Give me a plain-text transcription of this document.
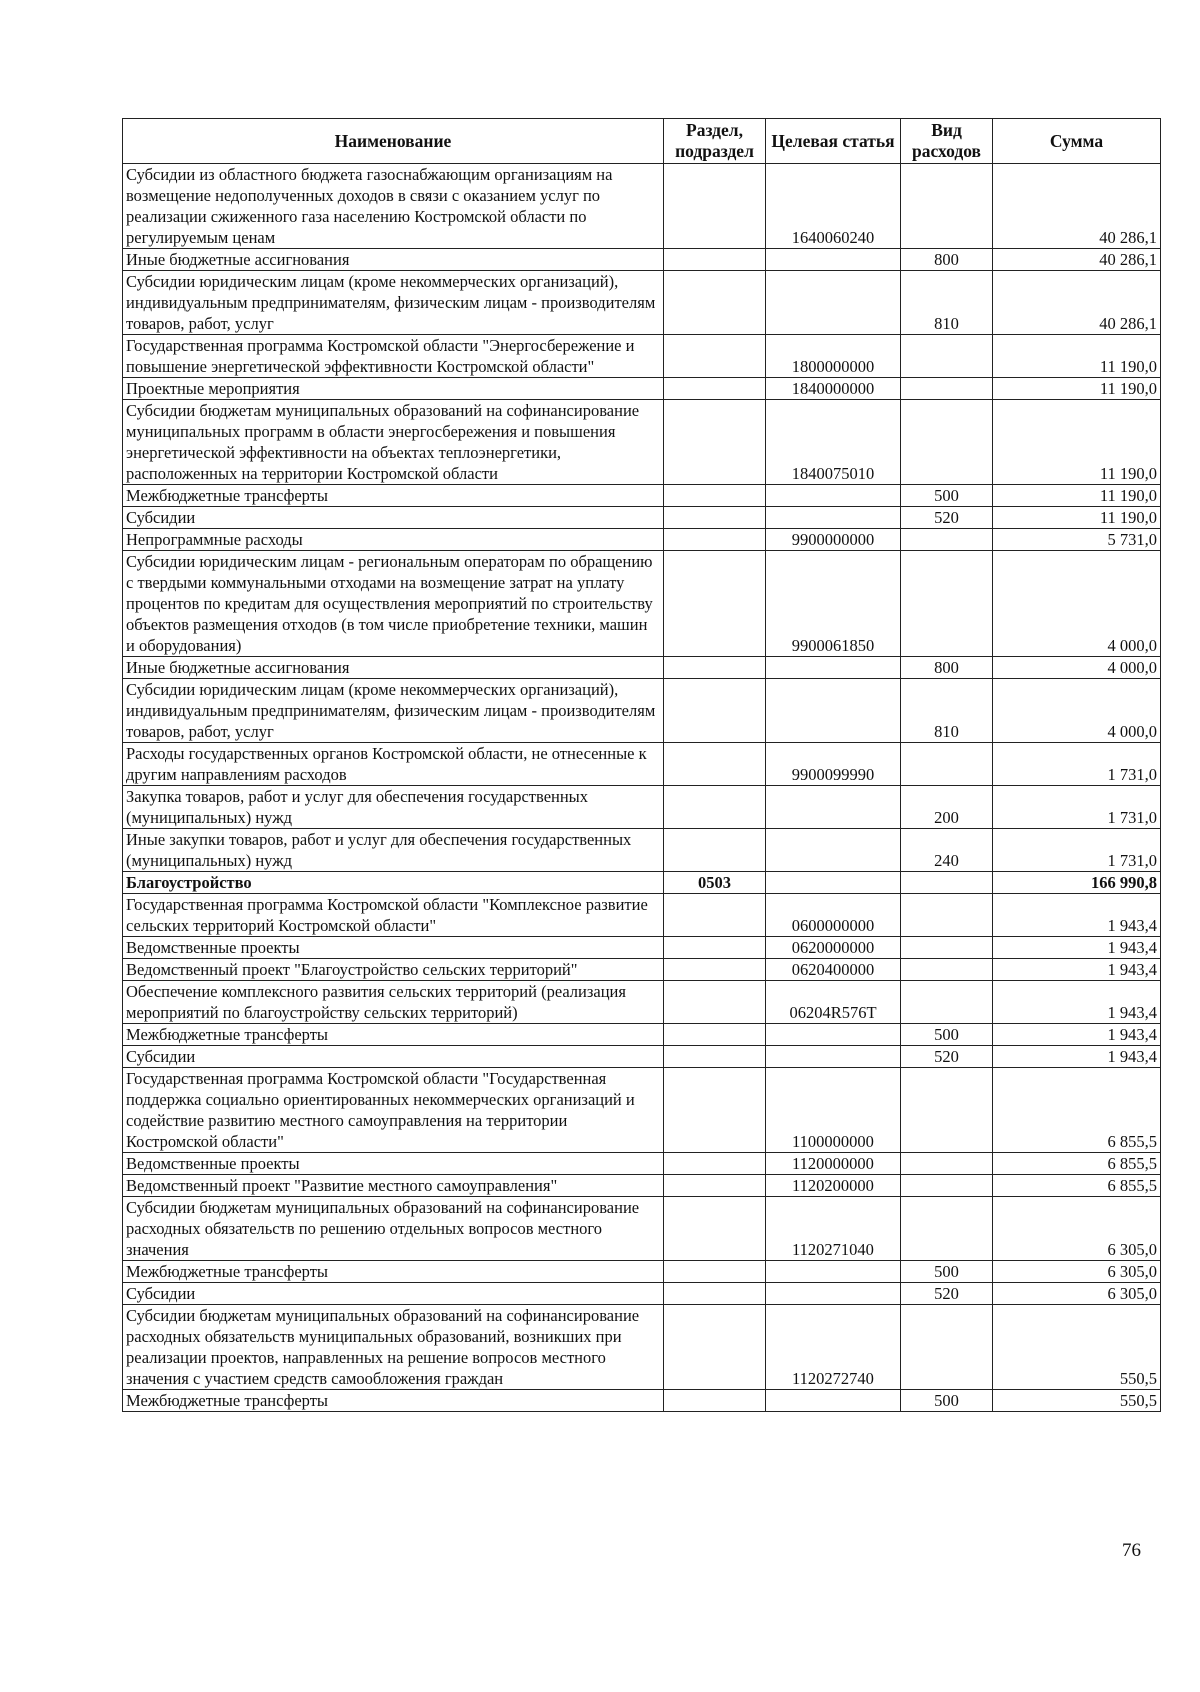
Наименование	Раздел, подраздел	Целевая статья	Вид расходов	Сумма
Субсидии из областного бюджета газоснабжающим организациям на возмещение недополученных доходов в связи с оказанием услуг по реализации сжиженного газа населению Костромской области по регулируемым ценам		1640060240		40 286,1
Иные бюджетные ассигнования			800	40 286,1
Субсидии юридическим лицам (кроме некоммерческих организаций), индивидуальным предпринимателям, физическим лицам - производителям товаров, работ, услуг			810	40 286,1
Государственная программа Костромской области "Энергосбережение и повышение энергетической эффективности Костромской области"		1800000000		11 190,0
Проектные мероприятия		1840000000		11 190,0
Субсидии бюджетам муниципальных образований на софинансирование муниципальных программ в области энергосбережения и повышения энергетической эффективности на объектах теплоэнергетики, расположенных на территории Костромской области		1840075010		11 190,0
Межбюджетные трансферты			500	11 190,0
Субсидии			520	11 190,0
Непрограммные расходы		9900000000		5 731,0
Субсидии юридическим лицам - региональным операторам по обращению с твердыми коммунальными отходами на возмещение затрат на уплату процентов по кредитам для осуществления мероприятий по строительству объектов размещения отходов (в том числе приобретение техники, машин и оборудования)		9900061850		4 000,0
Иные бюджетные ассигнования			800	4 000,0
Субсидии юридическим лицам (кроме некоммерческих организаций), индивидуальным предпринимателям, физическим лицам - производителям товаров, работ, услуг			810	4 000,0
Расходы государственных органов Костромской области, не отнесенные к другим направлениям расходов		9900099990		1 731,0
Закупка товаров, работ и услуг для обеспечения государственных (муниципальных) нужд			200	1 731,0
Иные закупки товаров, работ и услуг для обеспечения государственных (муниципальных) нужд			240	1 731,0
Благоустройство	0503			166 990,8
Государственная программа Костромской области "Комплексное развитие сельских территорий Костромской области"		0600000000		1 943,4
Ведомственные проекты		0620000000		1 943,4
Ведомственный проект "Благоустройство сельских территорий"		0620400000		1 943,4
Обеспечение комплексного развития сельских территорий (реализация мероприятий по благоустройству сельских территорий)		06204R576T		1 943,4
Межбюджетные трансферты			500	1 943,4
Субсидии			520	1 943,4
Государственная программа Костромской области "Государственная поддержка социально ориентированных некоммерческих организаций и содействие развитию местного самоуправления на территории Костромской области"		1100000000		6 855,5
Ведомственные проекты		1120000000		6 855,5
Ведомственный проект "Развитие местного самоуправления"		1120200000		6 855,5
Субсидии бюджетам муниципальных образований на софинансирование расходных обязательств по решению отдельных вопросов местного значения		1120271040		6 305,0
Межбюджетные трансферты			500	6 305,0
Субсидии			520	6 305,0
Субсидии бюджетам муниципальных образований на софинансирование расходных обязательств муниципальных образований, возникших при реализации проектов, направленных на решение вопросов местного значения с участием средств самообложения граждан		1120272740		550,5
Межбюджетные трансферты			500	550,5
76
